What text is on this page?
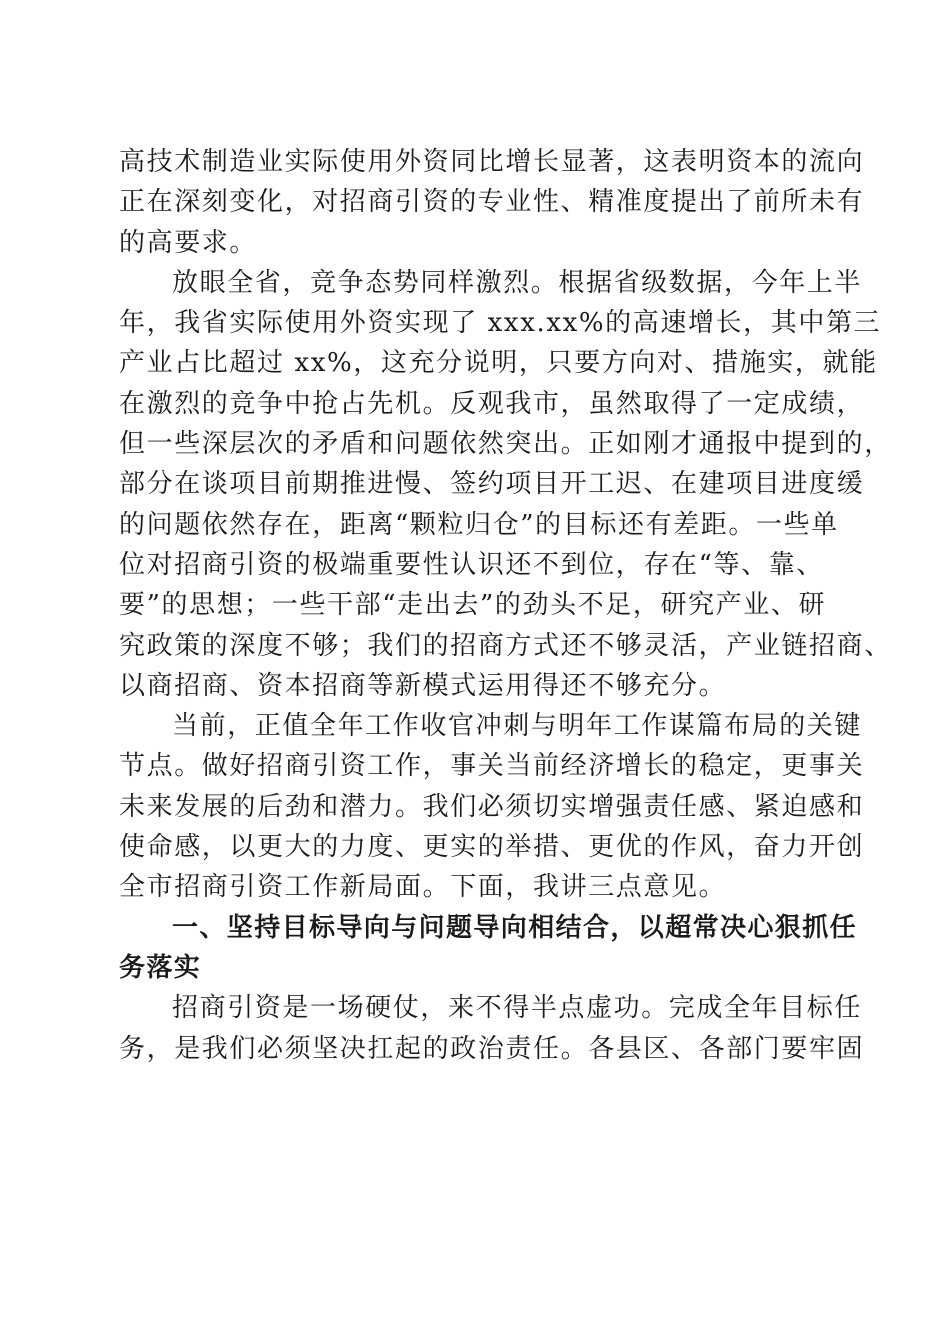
高技术制造业实际使用外资同比增长显著，这表明资本的流向
正在深刻变化，对招商引资的专业性、精准度提出了前所未有
的高要求。
放眼全省，竞争态势同样激烈。根据省级数据，今年上半
年，我省实际使用外资实现了 xxx.xx%的高速增长，其中第三
产业占比超过 xx%，这充分说明，只要方向对、措施实，就能
在激烈的竞争中抢占先机。反观我市，虽然取得了一定成绩，
但一些深层次的矛盾和问题依然突出。正如刚才通报中提到的，
部分在谈项目前期推进慢、签约项目开工迟、在建项目进度缓
的问题依然存在，距离“颗粒归仓”的目标还有差距。一些单
位对招商引资的极端重要性认识还不到位，存在“等、靠、
要”的思想；一些干部“走出去”的劲头不足，研究产业、研
究政策的深度不够；我们的招商方式还不够灵活，产业链招商、
以商招商、资本招商等新模式运用得还不够充分。
当前，正值全年工作收官冲刺与明年工作谋篇布局的关键
节点。做好招商引资工作，事关当前经济增长的稳定，更事关
未来发展的后劲和潜力。我们必须切实增强责任感、紧迫感和
使命感，以更大的力度、更实的举措、更优的作风，奋力开创
全市招商引资工作新局面。下面，我讲三点意见。
一、坚持目标导向与问题导向相结合，以超常决心狠抓任
务落实
招商引资是一场硬仗，来不得半点虚功。完成全年目标任
务，是我们必须坚决扛起的政治责任。各县区、各部门要牢固
